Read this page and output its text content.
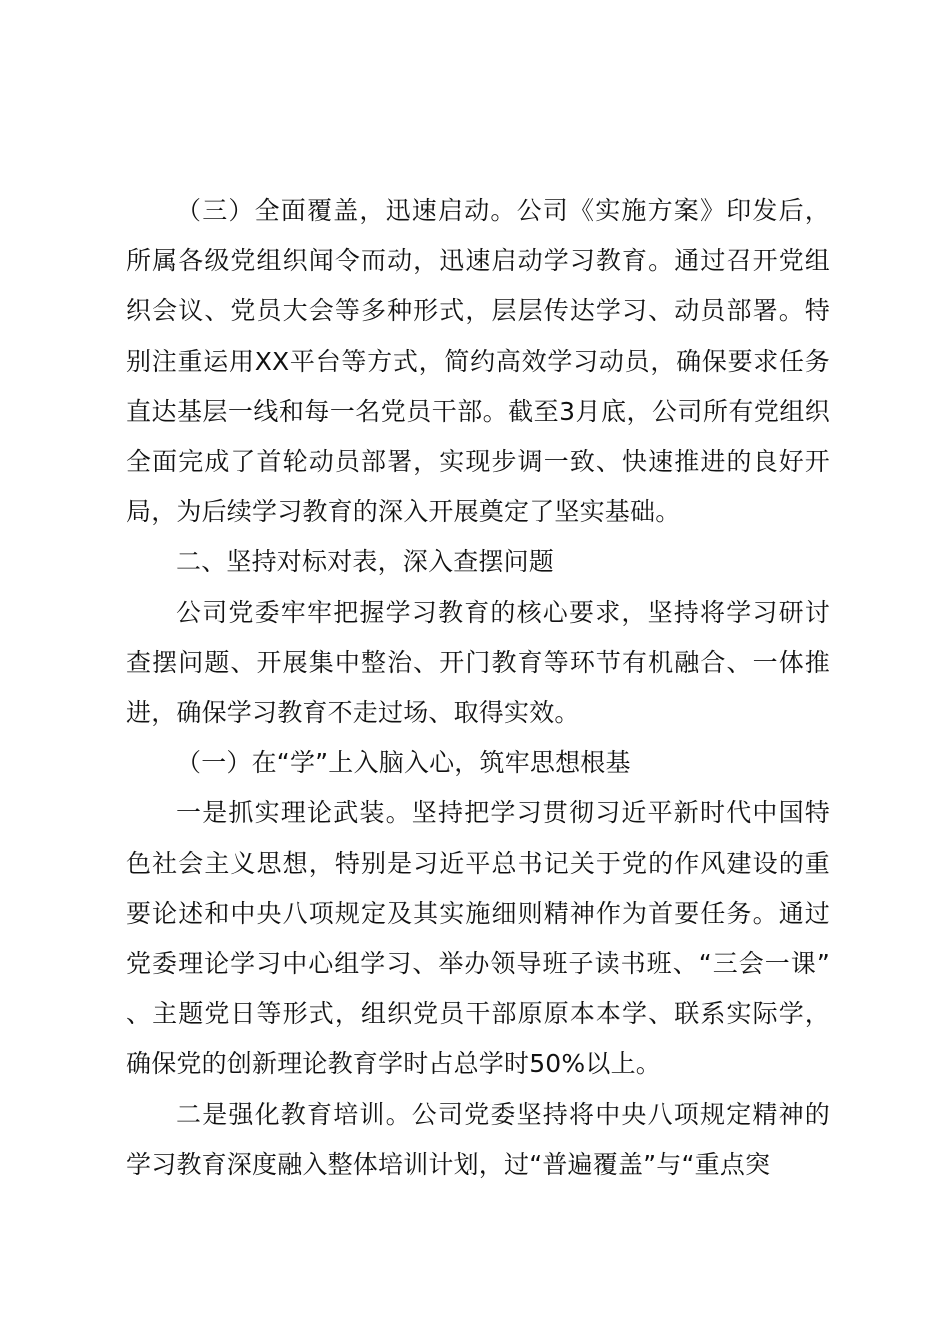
（三）全面覆盖，迅速启动。公司《实施方案》印发后，所属各级党组织闻令而动，迅速启动学习教育。通过召开党组织会议、党员大会等多种形式，层层传达学习、动员部署。特别注重运用XX平台等方式，简约高效学习动员，确保要求任务直达基层一线和每一名党员干部。截至3月底，公司所有党组织全面完成了首轮动员部署，实现步调一致、快速推进的良好开局，为后续学习教育的深入开展奠定了坚实基础。

二、坚持对标对表，深入查摆问题

公司党委牢牢把握学习教育的核心要求，坚持将学习研讨查摆问题、开展集中整治、开门教育等环节有机融合、一体推进，确保学习教育不走过场、取得实效。

（一）在“学”上入脑入心，筑牢思想根基

一是抓实理论武装。坚持把学习贯彻习近平新时代中国特色社会主义思想，特别是习近平总书记关于党的作风建设的重要论述和中央八项规定及其实施细则精神作为首要任务。通过党委理论学习中心组学习、举办领导班子读书班、“三会一课”、主题党日等形式，组织党员干部原原本本学、联系实际学，确保党的创新理论教育学时占总学时50%以上。

二是强化教育培训。公司党委坚持将中央八项规定精神的学习教育深度融入整体培训计划，过“普遍覆盖”与“重点突
